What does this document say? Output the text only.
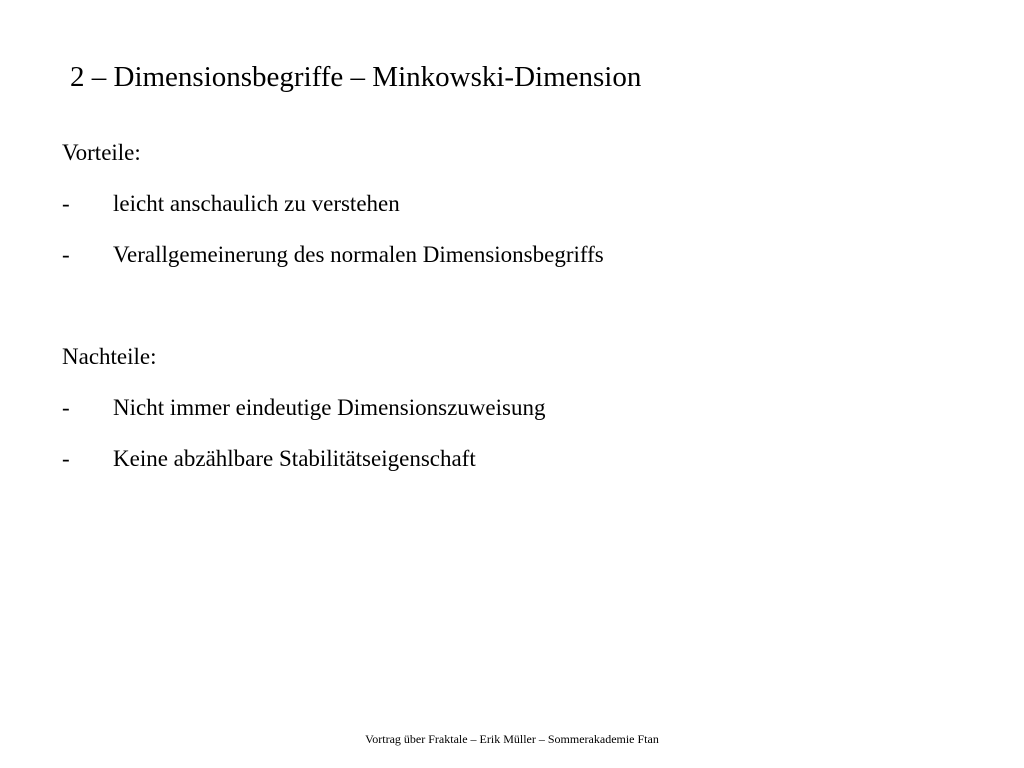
2 – Dimensionsbegriffe – Minkowski-Dimension
Vorteile:
-	leicht anschaulich zu verstehen
-	Verallgemeinerung des normalen Dimensionsbegriffs
Nachteile:
-	Nicht immer eindeutige Dimensionszuweisung
-	Keine abzählbare Stabilitätseigenschaft
Vortrag über Fraktale – Erik Müller – Sommerakademie Ftan
